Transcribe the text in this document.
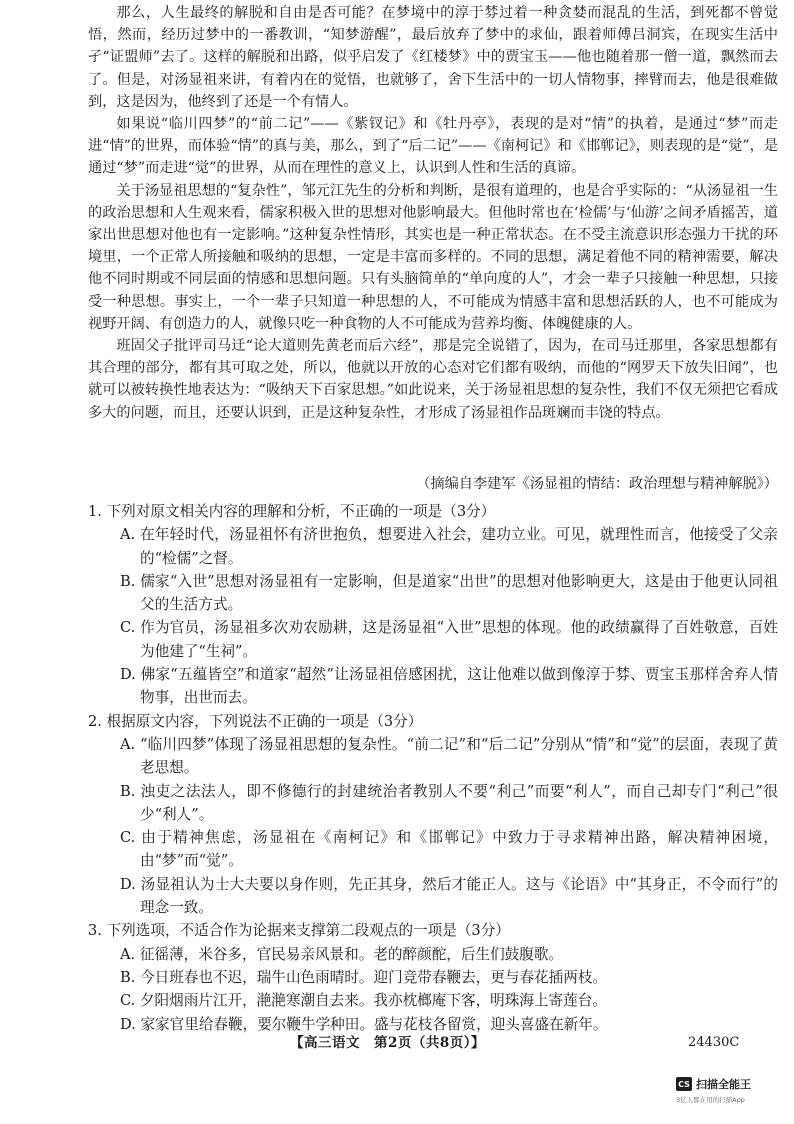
那么，人生最终的解脱和自由是否可能？在梦境中的淳于棼过着一种贪婪而混乱的生活，到死都不曾觉悟，然而，经历过梦中的一番教训，“知梦游醒”，最后放弃了梦中的求仙，跟着师傅吕洞宾，在现实生活中孑“证盟师”去了。这样的解脱和出路，似乎启发了《红楼梦》中的贾宝玉——他也随着那一僧一道，飘然而去了。但是，对汤显祖来讲，有着内在的觉悟，也就够了，舍下生活中的一切人情物事，摔臂而去，他是很难做到，这是因为，他终到了还是一个有情人。

如果说“临川四梦”的“前二记”——《紫钗记》和《牡丹亭》，表现的是对“情”的执着，是通过“梦”而走进“情”的世界，而体验“情”的真与美，那么，到了“后二记”——《南柯记》和《邯郸记》，则表现的是“觉”，是通过“梦”而走进“觉”的世界，从而在理性的意义上，认识到人性和生活的真谛。

关于汤显祖思想的“复杂性”，邹元江先生的分析和判断，是很有道理的，也是合乎实际的：“从汤显祖一生的政治思想和人生观来看，儒家积极入世的思想对他影响最大。但他时常也在‘检儒’与‘仙游’之间矛盾摇苦，道家出世思想对他也有一定影响。”这种复杂性情形，其实也是一种正常状态。在不受主流意识形态强力干扰的环境里，一个正常人所接触和吸纳的思想，一定是丰富而多样的。不同的思想，满足着他不同的精神需要，解决他不同时期或不同层面的情感和思想问题。只有头脑简单的“单向度的人”，才会一辈子只接触一种思想，只接受一种思想。事实上，一个一辈子只知道一种思想的人，不可能成为情感丰富和思想活跃的人，也不可能成为视野开阔、有创造力的人，就像只吃一种食物的人不可能成为营养均衡、体魄健康的人。

班固父子批评司马迁“论大道则先黄老而后六经”，那是完全说错了，因为，在司马迁那里，各家思想都有其合理的部分，都有其可取之处，所以，他就以开放的心态对它们都有吸纳，而他的“网罗天下放失旧闻”，也就可以被转换性地表达为：“吸纳天下百家思想。”如此说来，关于汤显祖思想的复杂性，我们不仅无须把它看成多大的问题，而且，还要认识到，正是这种复杂性，才形成了汤显祖作品斑斓而丰饶的特点。

（摘编自李建军《汤显祖的情结：政治理想与精神解脱》）

1. 下列对原文相关内容的理解和分析，不正确的一项是（3分）

A. 在年轻时代，汤显祖怀有济世抱负，想要进入社会，建功立业。可见，就理性而言，他接受了父亲的“检儒”之督。

B. 儒家“入世”思想对汤显祖有一定影响，但是道家“出世”的思想对他影响更大，这是由于他更认同祖父的生活方式。

C. 作为官员，汤显祖多次劝农励耕，这是汤显祖“入世”思想的体现。他的政绩赢得了百姓敬意，百姓为他建了“生祠”。

D. 佛家“五蕴皆空”和道家“超然”让汤显祖倍感困扰，这让他难以做到像淳于棼、贾宝玉那样舍弃人情物事，出世而去。

2. 根据原文内容，下列说法不正确的一项是（3分）

A. “临川四梦”体现了汤显祖思想的复杂性。“前二记”和“后二记”分别从“情”和“觉”的层面，表现了黄老思想。

B. 浊吏之法法人，即不修德行的封建统治者教别人不要“利己”而要“利人”，而自己却专门“利己”很少“利人”。

C. 由于精神焦虑，汤显祖在《南柯记》和《邯郸记》中致力于寻求精神出路，解决精神困境，由“梦”而“觉”。

D. 汤显祖认为士大夫要以身作则，先正其身，然后才能正人。这与《论语》中“其身正，不令而行”的理念一致。

3. 下列选项，不适合作为论据来支撑第二段观点的一项是（3分）

A. 征徭薄，米谷多，官民易亲风景和。老的醉颜酡，后生们鼓腹歌。

B. 今日班春也不迟，瑞牛山色雨晴时。迎门竞带春鞭去，更与春花插两枝。

C. 夕阳烟雨片江开，滟滟寒潮自去来。我亦枕榔庵下客，明珠海上寄莲台。

D. 家家官里给春鞭，要尔鞭牛学种田。盛与花枝各留赏，迎头喜盛在新年。

【高三语文　第2页（共8页）】	24430C
CS 扫描全能王
3亿人都在用的扫描App
